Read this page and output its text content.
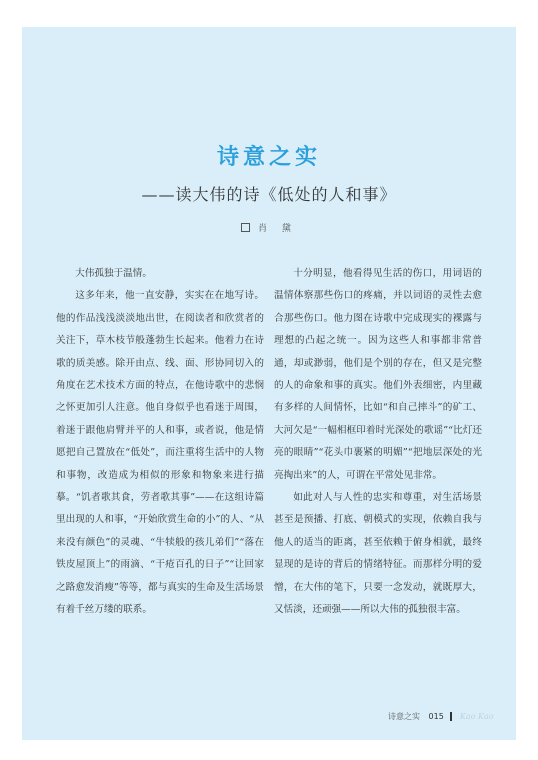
诗意之实
——读大伟的诗《低处的人和事》
肖 黛

大伟孤独于温情。

这多年来，他一直安静，实实在在地写诗。他的作品浅浅淡淡地出世，在阅读者和欣赏者的关注下，草木枝节般蓬勃生长起来。他着力在诗歌的质美感。除开由点、线、面、形协同切入的角度在艺术技术方面的特点，在他诗歌中的悲悯之怀更加引人注意。他自身似乎也看迷于周围，着迷于跟他肩臂并平的人和事，或者说，他是情愿把自己置放在“低处”，而注重将生活中的人物和事物，改造成为相似的形象和物象来进行描摹。“饥者歌其食，劳者歌其事”——在这组诗篇里出现的人和事，“开始欣赏生命的小”的人、“从来没有颜色”的灵魂、“牛犊般的孩儿弟们”“落在铁皮屋顶上”的雨滴、“干疮百孔的日子”“让回家之路愈发消瘦”等等，都与真实的生命及生活场景有着千丝万缕的联系。

十分明显，他看得见生活的伤口，用词语的温情体察那些伤口的疼痛，并以词语的灵性去愈合那些伤口。他力图在诗歌中完成现实的裸露与理想的凸起之统一。因为这些人和事都非常普通，却或渺弱，他们是个别的存在，但又是完整的人的命象和事的真实。他们外表细密，内里藏有多样的人间情怀，比如“和自己摔斗”的矿工、大河欠是“一幅相框印着时光深处的歌谣”“比灯还亮的眼睛”“花头巾裹紧的明媚”“把地层深处的光亮掏出来”的人，可谓在平常处见非常。

如此对人与人性的忠实和尊重，对生活场景甚至是预播、打底、朝模式的实现，依赖自我与他人的适当的距离，甚至依赖于俯身相就，最终显现的是诗的背后的情绪特征。而那样分明的爱憎，在大伟的笔下，只要一念发动，就既厚大，又恬淡，还顽强——所以大伟的孤独很丰富。

诗意之实 015 Kao Kao
